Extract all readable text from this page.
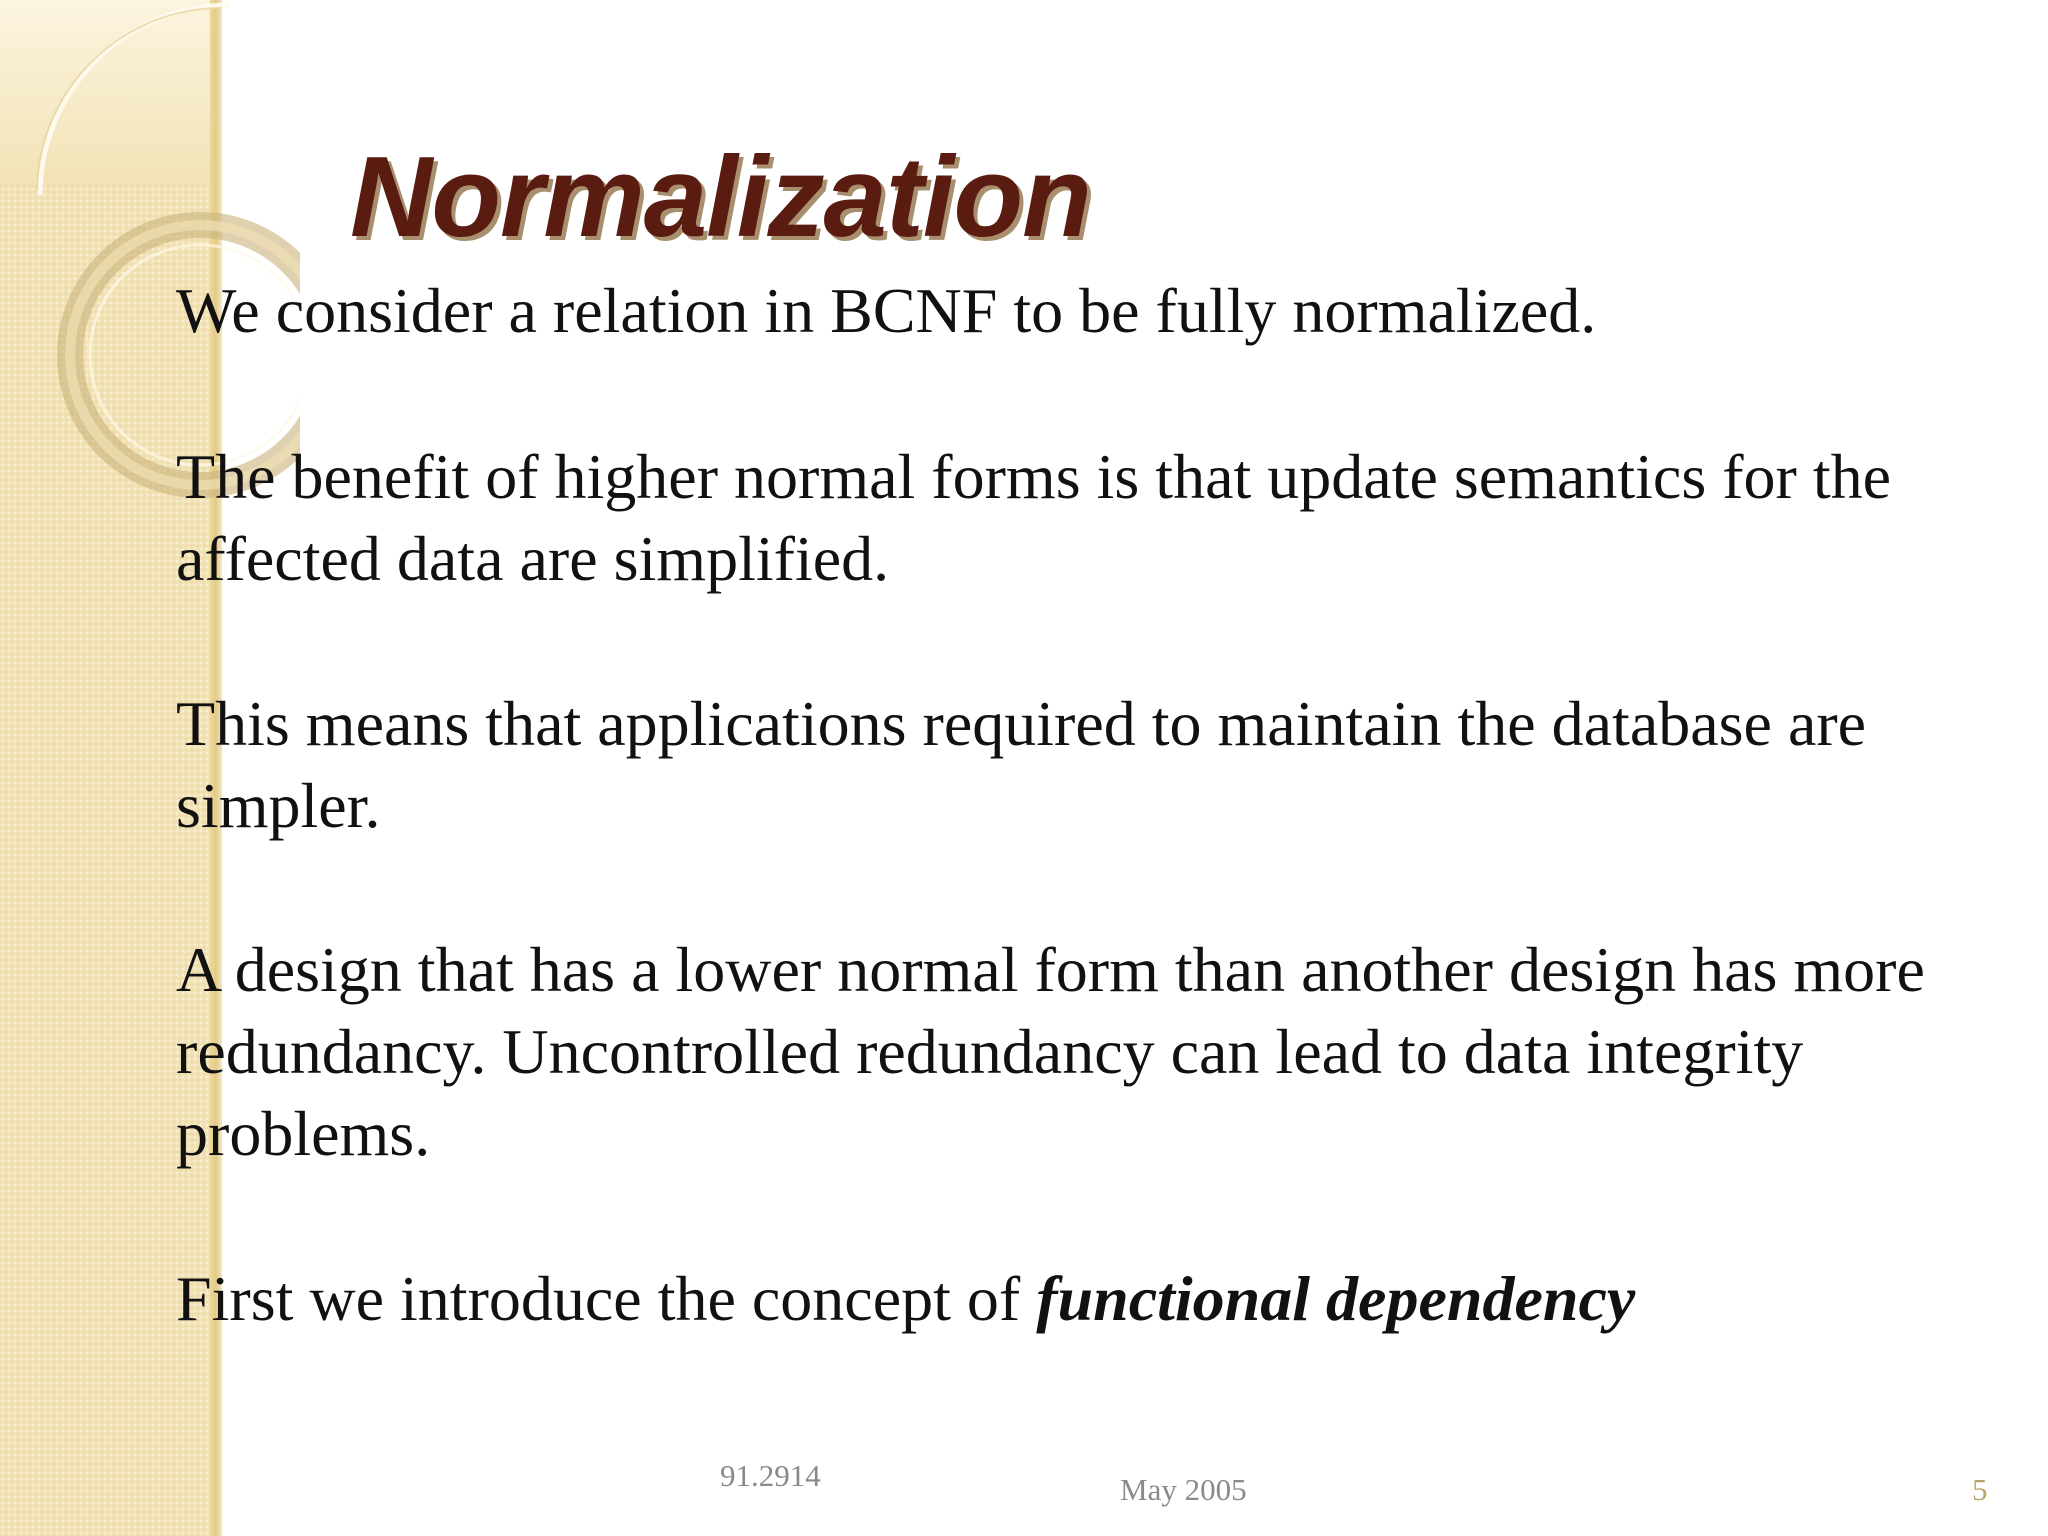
Normalization

We consider a relation in BCNF to be fully normalized.

The benefit of higher normal forms is that update semantics for the affected data are simplified.

This means that applications required to maintain the database are simpler.

A design that has a lower normal form than another design has more redundancy. Uncontrolled redundancy can lead to data integrity problems.

First we introduce the concept of functional dependency

91.2914	May 2005	5
